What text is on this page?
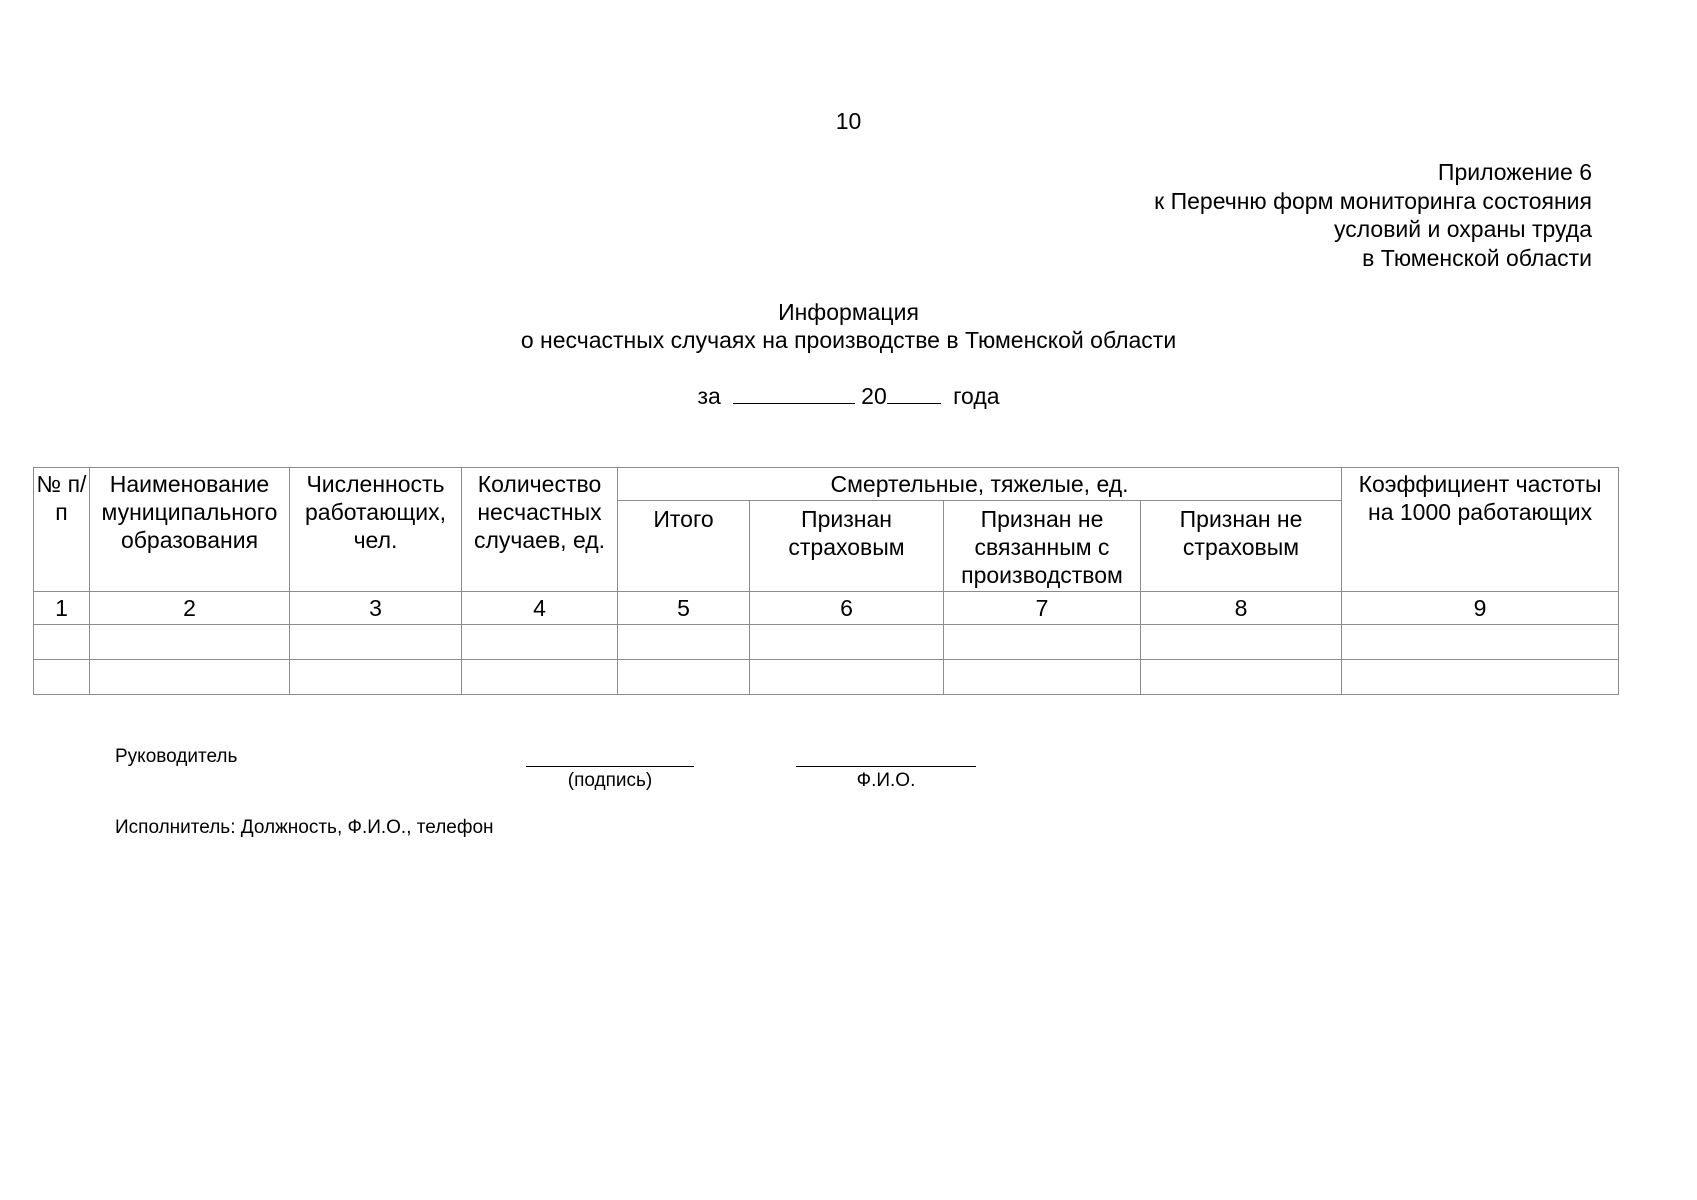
10
Приложение 6
к Перечню форм мониторинга состояния
условий и охраны труда
в Тюменской области
Информация
о несчастных случаях на производстве в Тюменской области
за	20	года
№ п/п	Наименование муниципального образования	Численность работающих, чел.	Количество несчастных случаев, ед.	Смертельные, тяжелые, ед.				Коэффициент частоты на 1000 работающих
				Итого	Признан страховым	Признан не связанным с производством	Признан не страховым	
1	2	3	4	5	6	7	8	9

Руководитель
(подпись)	Ф.И.О.
Исполнитель: Должность, Ф.И.О., телефон
